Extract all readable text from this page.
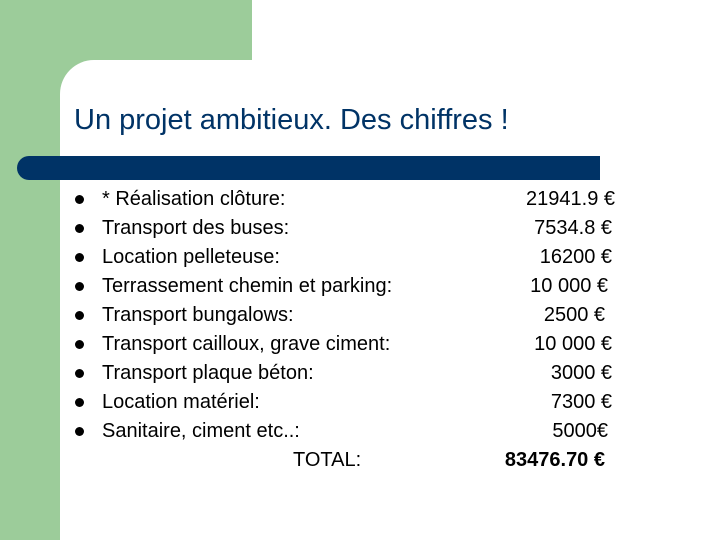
Un projet ambitieux. Des chiffres !
* Réalisation clôture:	21941.9 €
Transport des buses:	7534.8 €
Location pelleteuse:	16200 €
Terrassement chemin et parking:	10 000 €
Transport bungalows:	2500 €
Transport cailloux, grave ciment:	10 000 €
Transport plaque béton:	3000 €
Location matériel:	7300 €
Sanitaire, ciment etc..:	5000€
TOTAL:	83476.70 €
